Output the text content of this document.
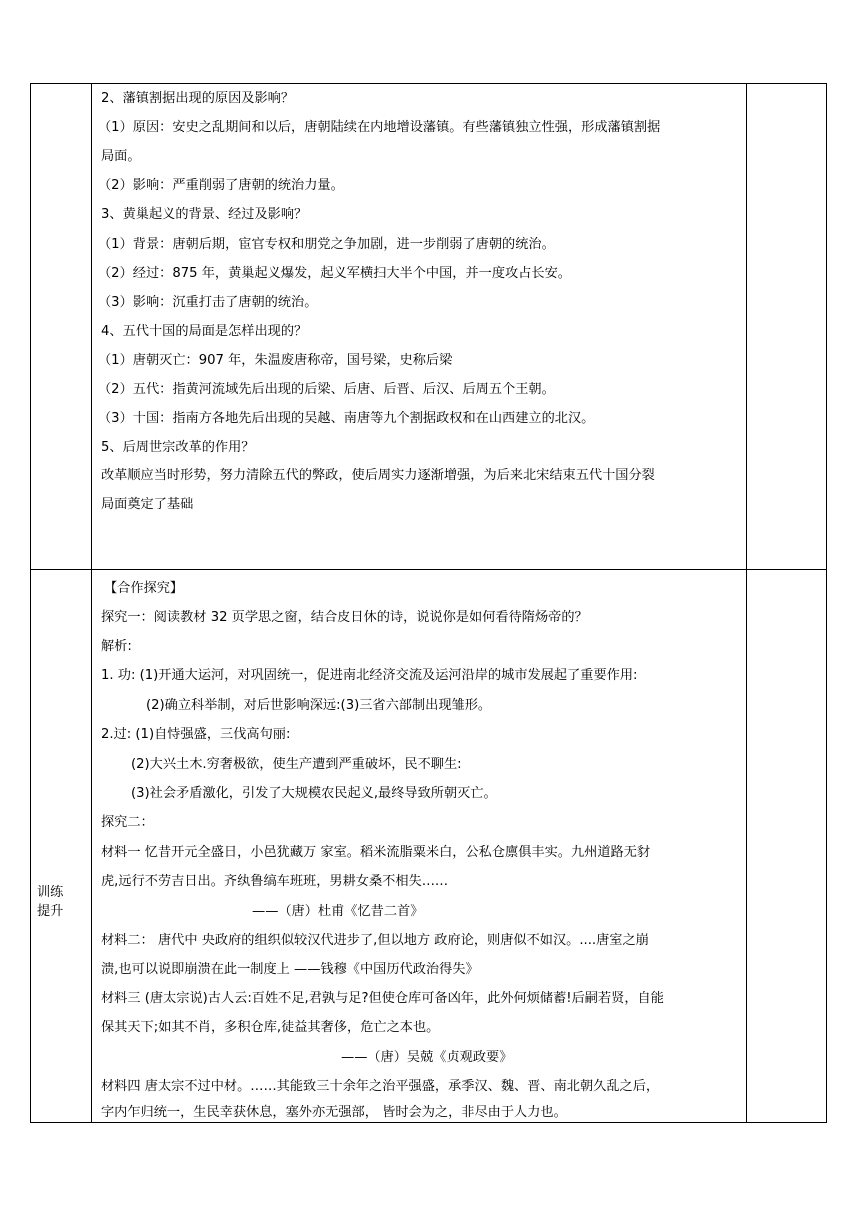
2、藩镇割据出现的原因及影响？
（1）原因：安史之乱期间和以后，唐朝陆续在内地增设藩镇。有些藩镇独立性强，形成藩镇割据
局面。
（2）影响：严重削弱了唐朝的统治力量。
3、黄巢起义的背景、经过及影响？
（1）背景：唐朝后期，宦官专权和朋党之争加剧，进一步削弱了唐朝的统治。
（2）经过：875 年，黄巢起义爆发，起义军横扫大半个中国，并一度攻占长安。
（3）影响：沉重打击了唐朝的统治。
4、五代十国的局面是怎样出现的？
（1）唐朝灭亡：907 年，朱温废唐称帝，国号梁，史称后梁
（2）五代：指黄河流域先后出现的后梁、后唐、后晋、后汉、后周五个王朝。
（3）十国：指南方各地先后出现的吴越、南唐等九个割据政权和在山西建立的北汉。
5、后周世宗改革的作用？
改革顺应当时形势，努力清除五代的弊政，使后周实力逐渐增强，为后来北宋结束五代十国分裂
局面奠定了基础
训练
提升
【合作探究】
探究一：阅读教材 32 页学思之窗，结合皮日休的诗，说说你是如何看待隋炀帝的？
解析:
1. 功: (1)开通大运河，对巩固统一，促进南北经济交流及运河沿岸的城市发展起了重要作用:
(2)确立科举制，对后世影响深远:(3)三省六部制出现雏形。
2.过: (1)自恃强盛，三伐高句丽:
(2)大兴土木.穷奢极欲，使生产遭到严重破坏，民不聊生:
(3)社会矛盾激化，引发了大规模农民起义,最终导致所朝灭亡。
探究二：
材料一 忆昔开元全盛日，小邑犹藏万 家室。稻米流脂粟米白，公私仓廪俱丰实。九州道路无豺
虎,远行不劳吉日出。齐纨鲁缟车班班，男耕女桑不相失……
——（唐）杜甫《忆昔二首》
材料二： 唐代中 央政府的组织似较汉代进步了,但以地方 政府论，则唐似不如汉。....唐室之崩
溃,也可以说即崩溃在此一制度上 ——钱穆《中国历代政治得失》
材料三 (唐太宗说)古人云:百姓不足,君孰与足?但使仓库可备凶年，此外何烦储蓄!后嗣若贤，自能
保其天下;如其不肖，多积仓库,徒益其奢侈，危亡之本也。
——（唐）吴兢《贞观政要》
材料四 唐太宗不过中材。……其能致三十余年之治平强盛，承季汉、魏、晋、南北朝久乱之后，
字内乍归统一，生民幸获休息，塞外亦无强部， 皆时会为之，非尽由于人力也。
